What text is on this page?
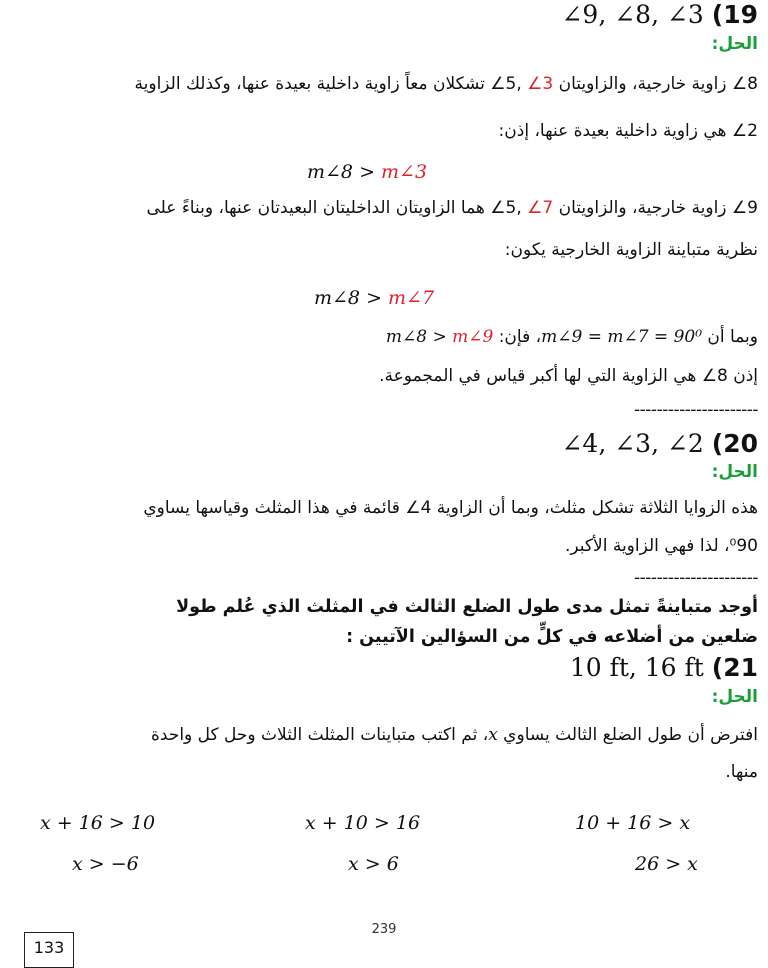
∠9, ∠8, ∠3 (19
الحل:
8∠ زاوية خارجية، والزاويتان 3∠ ,5∠ تشكلان معاً زاوية داخلية بعيدة عنها، وكذلك الزاوية
2∠ هي زاوية داخلية بعيدة عنها، إذن:
m∠8 > m∠3
9∠ زاوية خارجية، والزاويتان 7∠ ,5∠ هما الزاويتان الداخليتان البعيدتان عنها، وبناءً على
نظرية متباينة الزاوية الخارجية يكون:
m∠8 > m∠7
وبما أن m∠9 = m∠7 = 90⁰، فإن: m∠8 > m∠9
إذن 8∠ هي الزاوية التي لها أكبر قياس في المجموعة.
----------------------
∠4, ∠3, ∠2 (20
الحل:
هذه الزوايا الثلاثة تشكل مثلث، وبما أن الزاوية 4∠ قائمة في هذا المثلث وقياسها يساوي
⁰90، لذا فهي الزاوية الأكبر.
----------------------
أوجد متباينةً تمثل مدى طول الضلع الثالث في المثلث الذي عُلم طولا
ضلعين من أضلاعه في كلٍّ من السؤالين الآتيين :
10 ft, 16 ft (21
الحل:
افترض أن طول الضلع الثالث يساوي x، ثم اكتب متباينات المثلث الثلاث وحل كل واحدة
منها.
x + 16 > 10	x + 10 > 16	10 + 16 > x
x > −6	x > 6	26 > x
239
133
